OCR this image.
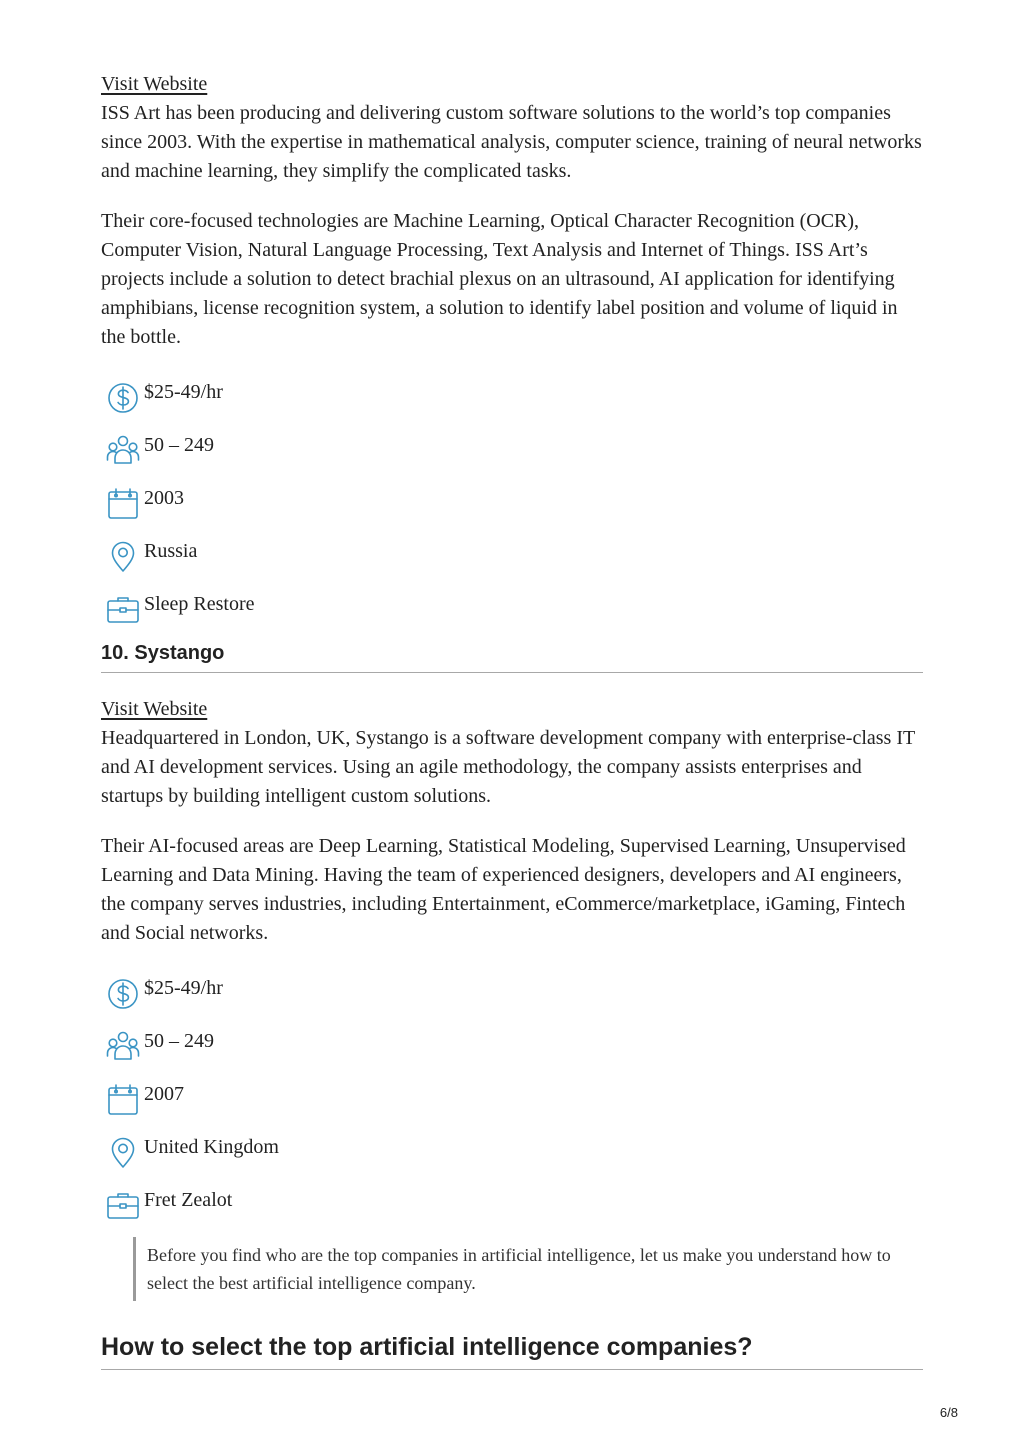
Visit Website

ISS Art has been producing and delivering custom software solutions to the world’s top companies since 2003. With the expertise in mathematical analysis, computer science, training of neural networks and machine learning, they simplify the complicated tasks.

Their core-focused technologies are Machine Learning, Optical Character Recognition (OCR), Computer Vision, Natural Language Processing, Text Analysis and Internet of Things. ISS Art’s projects include a solution to detect brachial plexus on an ultrasound, AI application for identifying amphibians, license recognition system, a solution to identify label position and volume of liquid in the bottle.

$25-49/hr
50 – 249
2003
Russia
Sleep Restore
10. Systango
Visit Website

Headquartered in London, UK, Systango is a software development company with enterprise-class IT and AI development services. Using an agile methodology, the company assists enterprises and startups by building intelligent custom solutions.

Their AI-focused areas are Deep Learning, Statistical Modeling, Supervised Learning, Unsupervised Learning and Data Mining. Having the team of experienced designers, developers and AI engineers, the company serves industries, including Entertainment, eCommerce/marketplace, iGaming, Fintech and Social networks.

$25-49/hr
50 – 249
2007
United Kingdom
Fret Zealot
Before you find who are the top companies in artificial intelligence, let us make you understand how to select the best artificial intelligence company.
How to select the top artificial intelligence companies?
6/8
